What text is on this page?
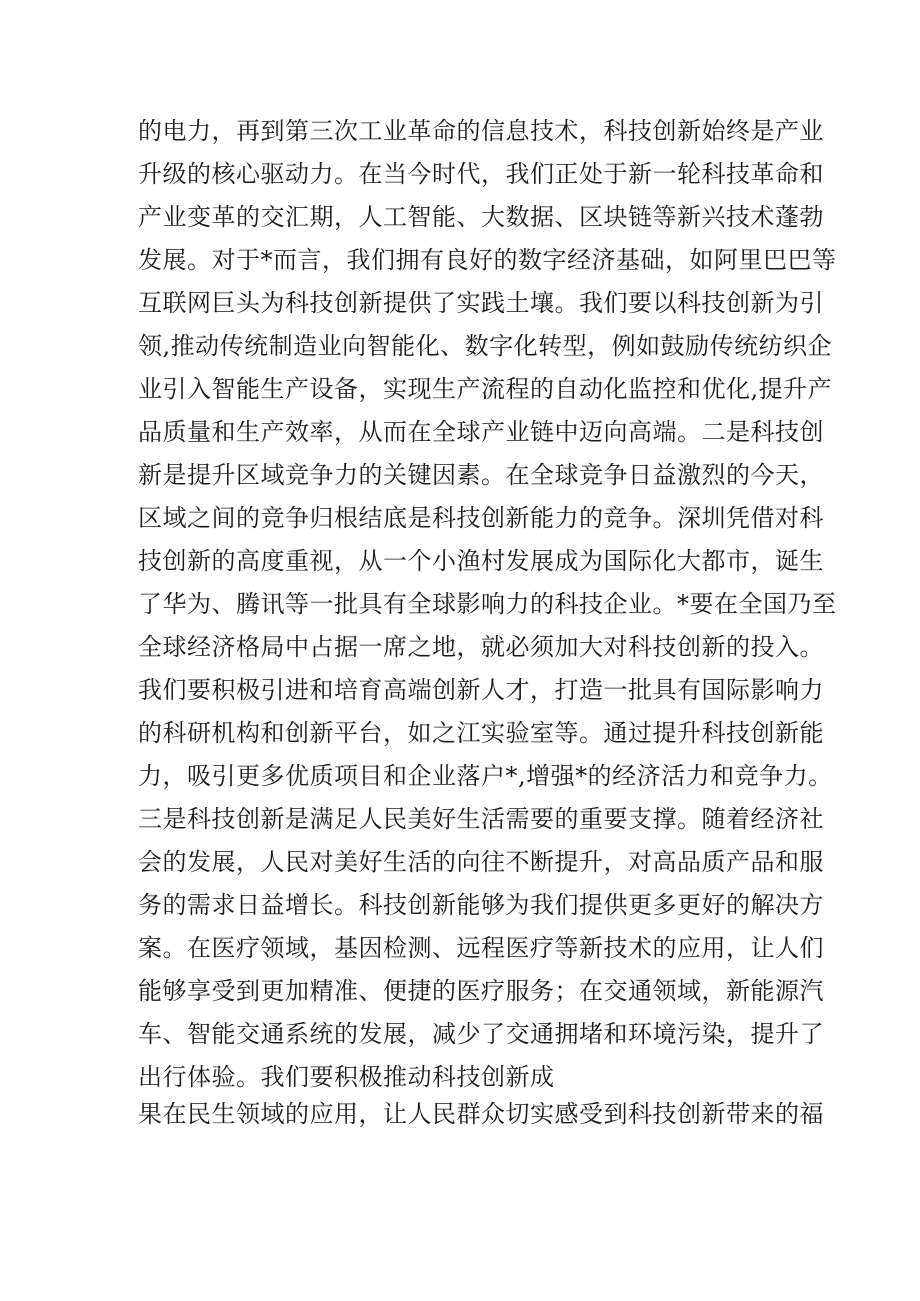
的电力，再到第三次工业革命的信息技术，科技创新始终是产业
升级的核心驱动力。在当今时代，我们正处于新一轮科技革命和
产业变革的交汇期，人工智能、大数据、区块链等新兴技术蓬勃
发展。对于*而言，我们拥有良好的数字经济基础，如阿里巴巴等
互联网巨头为科技创新提供了实践土壤。我们要以科技创新为引
领,推动传统制造业向智能化、数字化转型，例如鼓励传统纺织企
业引入智能生产设备，实现生产流程的自动化监控和优化,提升产
品质量和生产效率，从而在全球产业链中迈向高端。二是科技创
新是提升区域竞争力的关键因素。在全球竞争日益激烈的今天，
区域之间的竞争归根结底是科技创新能力的竞争。深圳凭借对科
技创新的高度重视，从一个小渔村发展成为国际化大都市，诞生
了华为、腾讯等一批具有全球影响力的科技企业。*要在全国乃至
全球经济格局中占据一席之地，就必须加大对科技创新的投入。
我们要积极引进和培育高端创新人才，打造一批具有国际影响力
的科研机构和创新平台，如之江实验室等。通过提升科技创新能
力，吸引更多优质项目和企业落户*,增强*的经济活力和竞争力。
三是科技创新是满足人民美好生活需要的重要支撑。随着经济社
会的发展，人民对美好生活的向往不断提升，对高品质产品和服
务的需求日益增长。科技创新能够为我们提供更多更好的解决方
案。在医疗领域，基因检测、远程医疗等新技术的应用，让人们
能够享受到更加精准、便捷的医疗服务；在交通领域，新能源汽
车、智能交通系统的发展，减少了交通拥堵和环境污染，提升了
出行体验。我们要积极推动科技创新成
果在民生领域的应用，让人民群众切实感受到科技创新带来的福
